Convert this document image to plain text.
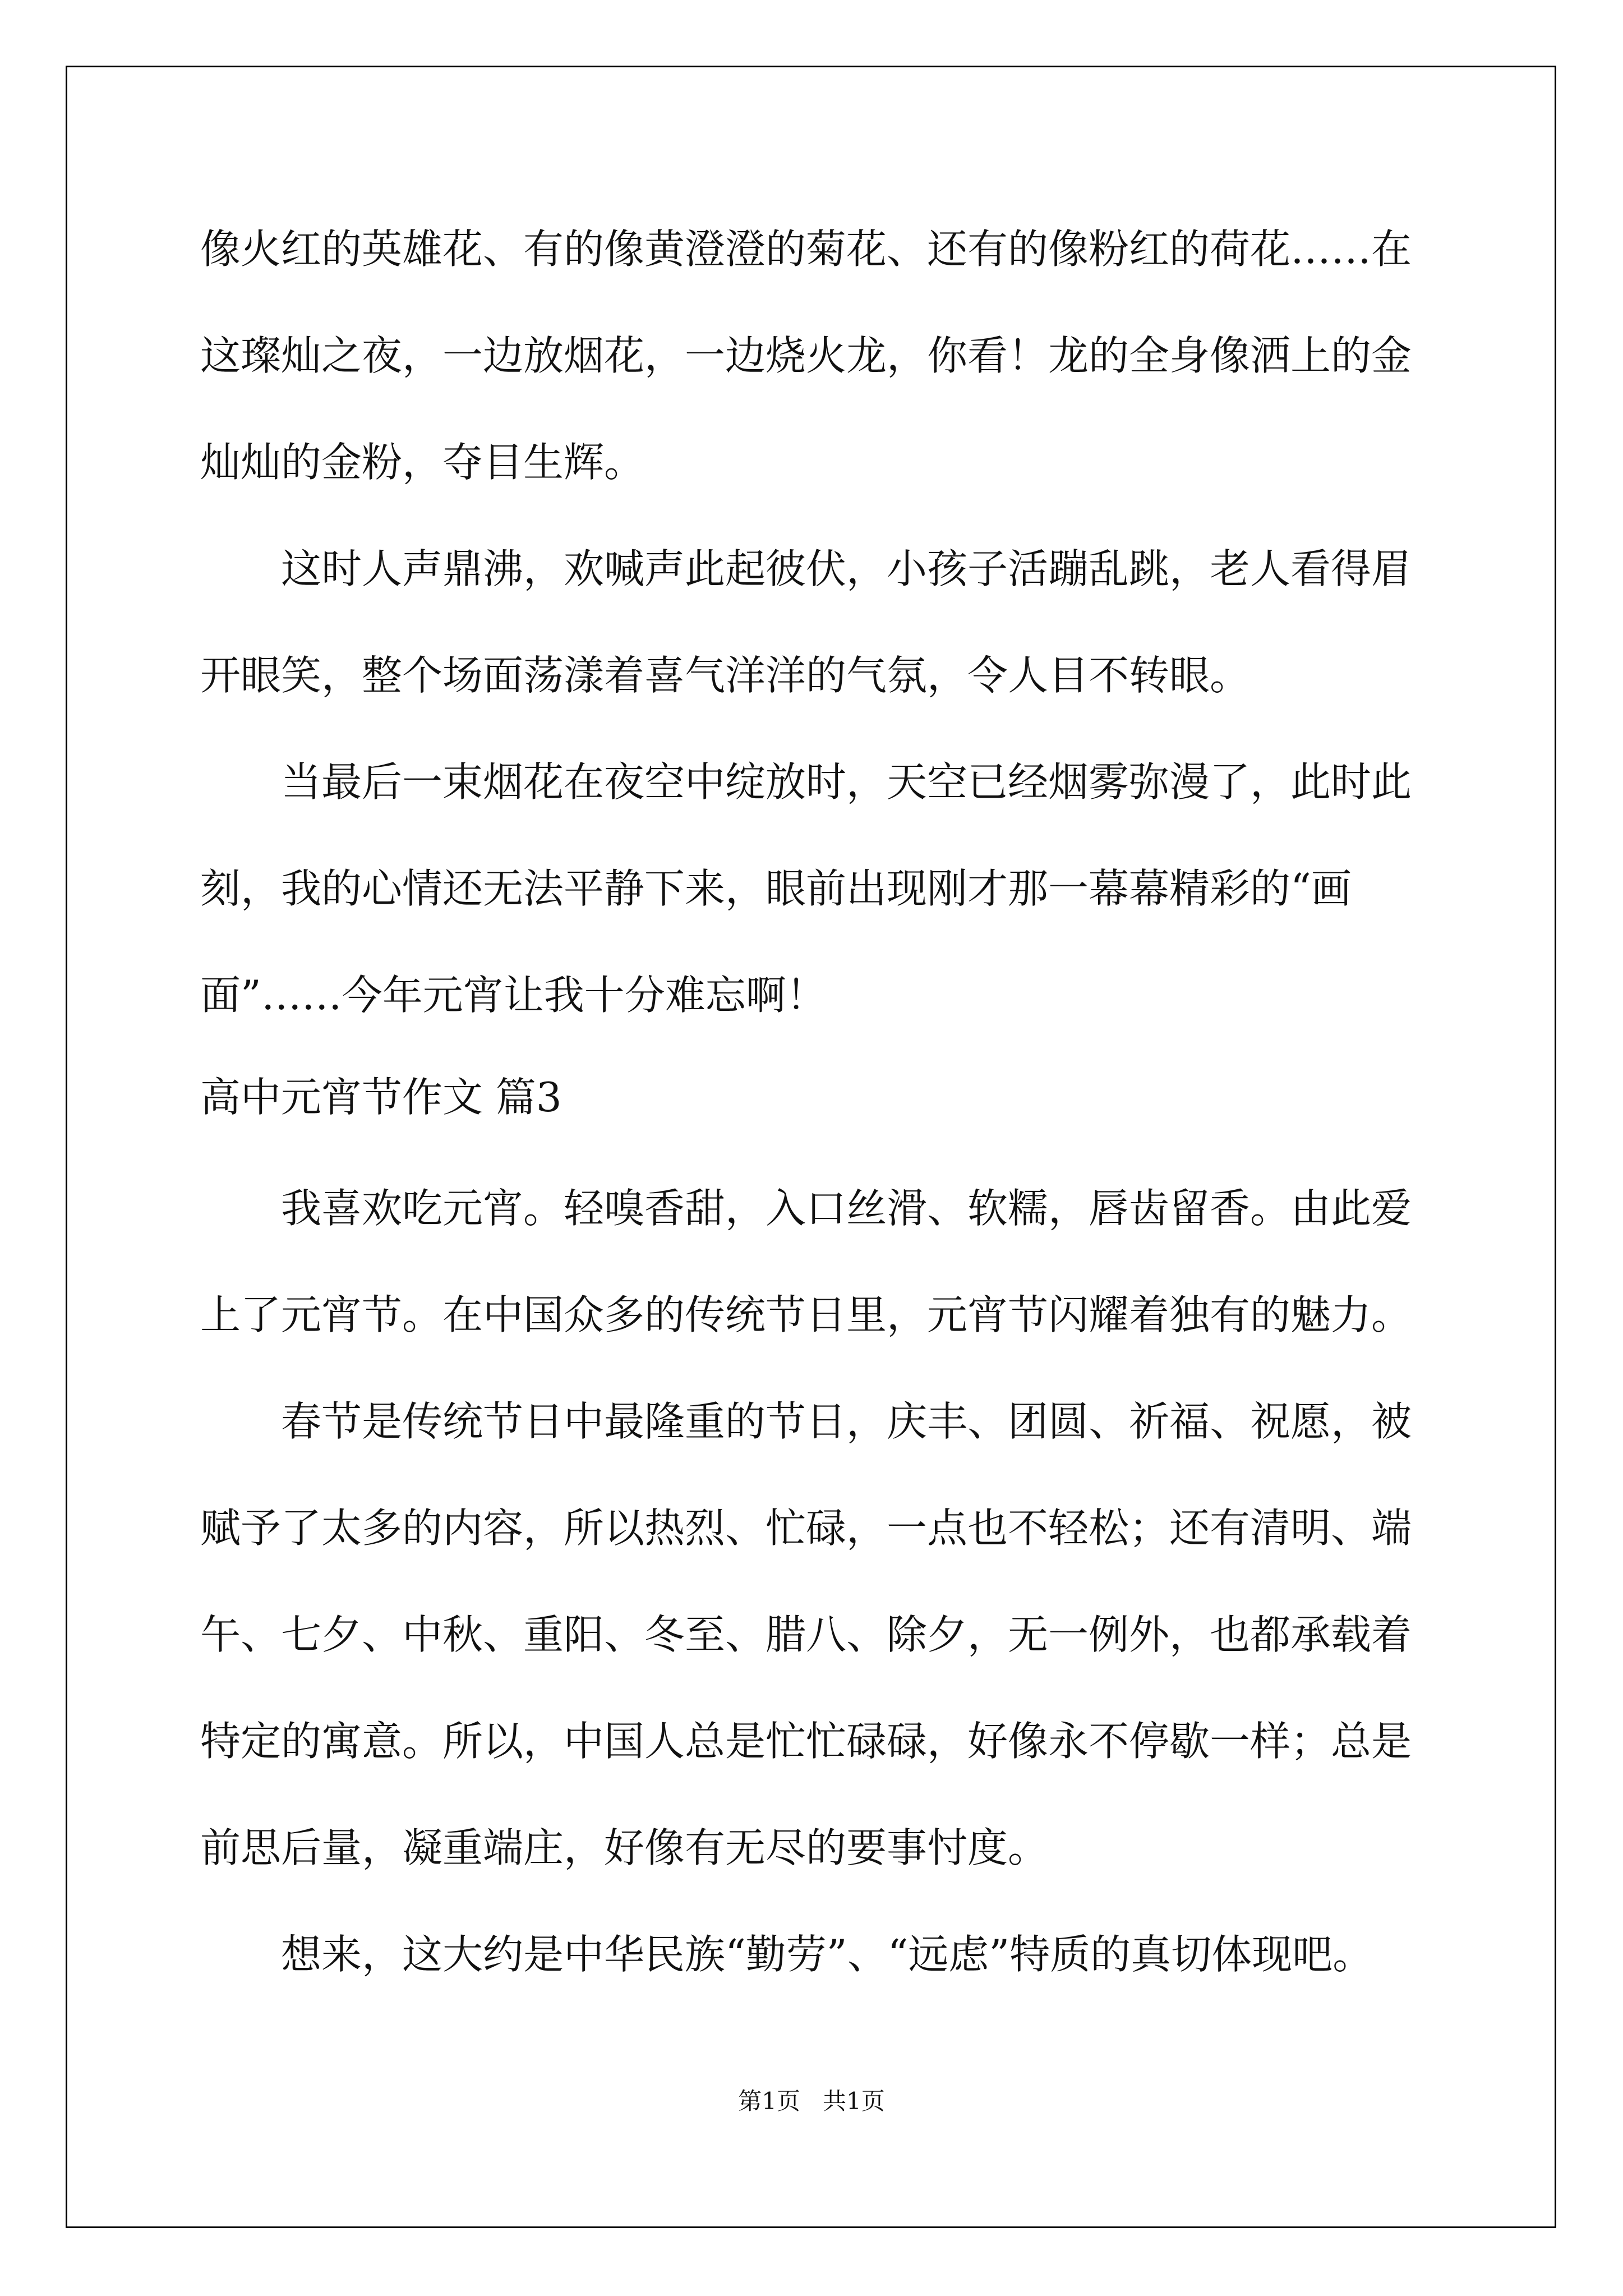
像火红的英雄花、有的像黄澄澄的菊花、还有的像粉红的荷花……在

这璨灿之夜，一边放烟花，一边烧火龙，你看！龙的全身像洒上的金

灿灿的金粉，夺目生辉。

这时人声鼎沸，欢喊声此起彼伏，小孩子活蹦乱跳，老人看得眉

开眼笑，整个场面荡漾着喜气洋洋的气氛，令人目不转眼。

当最后一束烟花在夜空中绽放时，天空已经烟雾弥漫了，此时此

刻，我的心情还无法平静下来，眼前出现刚才那一幕幕精彩的“画

面”……今年元宵让我十分难忘啊！

高中元宵节作文 篇3

我喜欢吃元宵。轻嗅香甜，入口丝滑、软糯，唇齿留香。由此爱

上了元宵节。在中国众多的传统节日里，元宵节闪耀着独有的魅力。

春节是传统节日中最隆重的节日，庆丰、团圆、祈福、祝愿，被

赋予了太多的内容，所以热烈、忙碌，一点也不轻松；还有清明、端

午、七夕、中秋、重阳、冬至、腊八、除夕，无一例外，也都承载着

特定的寓意。所以，中国人总是忙忙碌碌，好像永不停歇一样；总是

前思后量，凝重端庄，好像有无尽的要事忖度。

想来，这大约是中华民族“勤劳”、“远虑”特质的真切体现吧。

第1页   共1页
